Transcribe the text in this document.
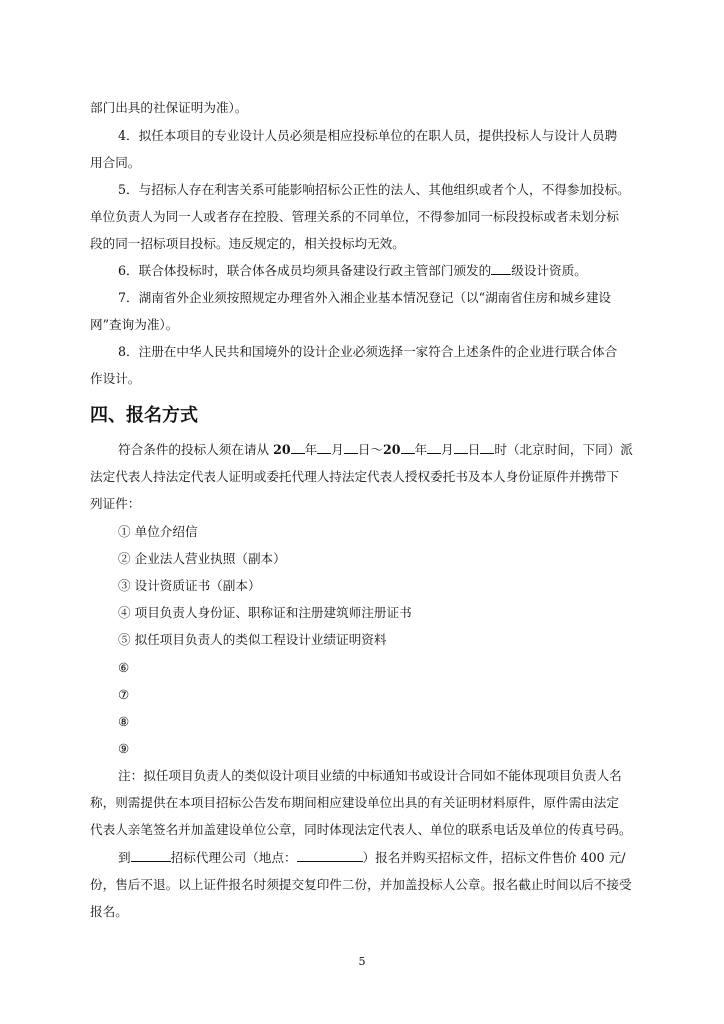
部门出具的社保证明为准）。

4．拟任本项目的专业设计人员必须是相应投标单位的在职人员，提供投标人与设计人员聘

用合同。

5．与招标人存在利害关系可能影响招标公正性的法人、其他组织或者个人，不得参加投标。

单位负责人为同一人或者存在控股、管理关系的不同单位，不得参加同一标段投标或者未划分标

段的同一招标项目投标。违反规定的，相关投标均无效。

6．联合体投标时，联合体各成员均须具备建设行政主管部门颁发的 级设计资质。

7．湖南省外企业须按照规定办理省外入湘企业基本情况登记（以“湖南省住房和城乡建设

网”查询为准）。

8．注册在中华人民共和国境外的设计企业必须选择一家符合上述条件的企业进行联合体合

作设计。

四、报名方式

符合条件的投标人须在请从 20 年 月 日～20 年 月 日 时（北京时间，下同）派

法定代表人持法定代表人证明或委托代理人持法定代表人授权委托书及本人身份证原件并携带下

列证件：

① 单位介绍信

② 企业法人营业执照（副本）

③ 设计资质证书（副本）

④ 项目负责人身份证、职称证和注册建筑师注册证书

⑤ 拟任项目负责人的类似工程设计业绩证明资料

⑥

⑦

⑧

⑨

注：拟任项目负责人的类似设计项目业绩的中标通知书或设计合同如不能体现项目负责人名

称，则需提供在本项目招标公告发布期间相应建设单位出具的有关证明材料原件，原件需由法定

代表人亲笔签名并加盖建设单位公章，同时体现法定代表人、单位的联系电话及单位的传真号码。

到	招标代理公司（地点：	）报名并购买招标文件，招标文件售价 400 元/

份，售后不退。以上证件报名时须提交复印件二份，并加盖投标人公章。报名截止时间以后不接受

报名。

5
